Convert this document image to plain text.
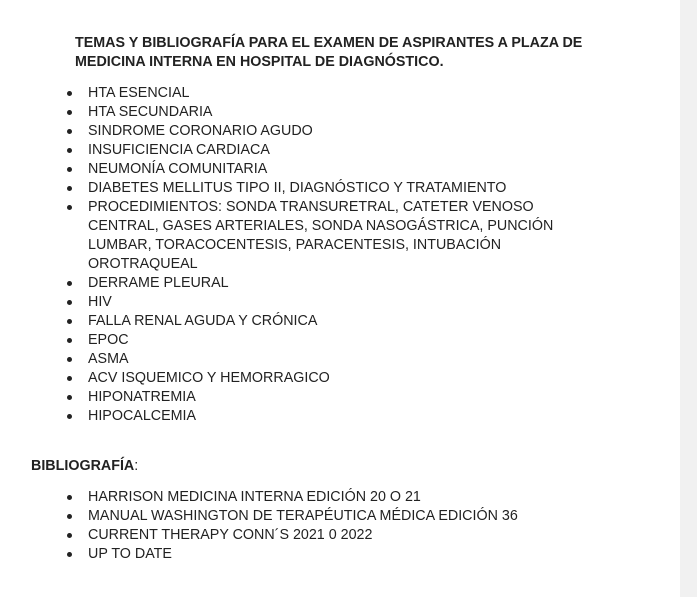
TEMAS Y BIBLIOGRAFÍA PARA EL EXAMEN DE ASPIRANTES A PLAZA DE
MEDICINA INTERNA EN HOSPITAL DE DIAGNÓSTICO.

HTA ESENCIAL
HTA SECUNDARIA
SINDROME CORONARIO AGUDO
INSUFICIENCIA CARDIACA
NEUMONÍA COMUNITARIA
DIABETES MELLITUS TIPO II, DIAGNÓSTICO Y TRATAMIENTO
PROCEDIMIENTOS: SONDA TRANSURETRAL, CATETER VENOSO CENTRAL, GASES ARTERIALES, SONDA NASOGÁSTRICA, PUNCIÓN LUMBAR, TORACOCENTESIS, PARACENTESIS, INTUBACIÓN OROTRAQUEAL
DERRAME PLEURAL
HIV
FALLA RENAL AGUDA Y CRÓNICA
EPOC
ASMA
ACV ISQUEMICO Y HEMORRAGICO
HIPONATREMIA
HIPOCALCEMIA

BIBLIOGRAFÍA:

HARRISON MEDICINA INTERNA EDICIÓN 20 O 21
MANUAL WASHINGTON DE TERAPÉUTICA MÉDICA EDICIÓN 36
CURRENT THERAPY CONN´S 2021 0 2022
UP TO DATE
